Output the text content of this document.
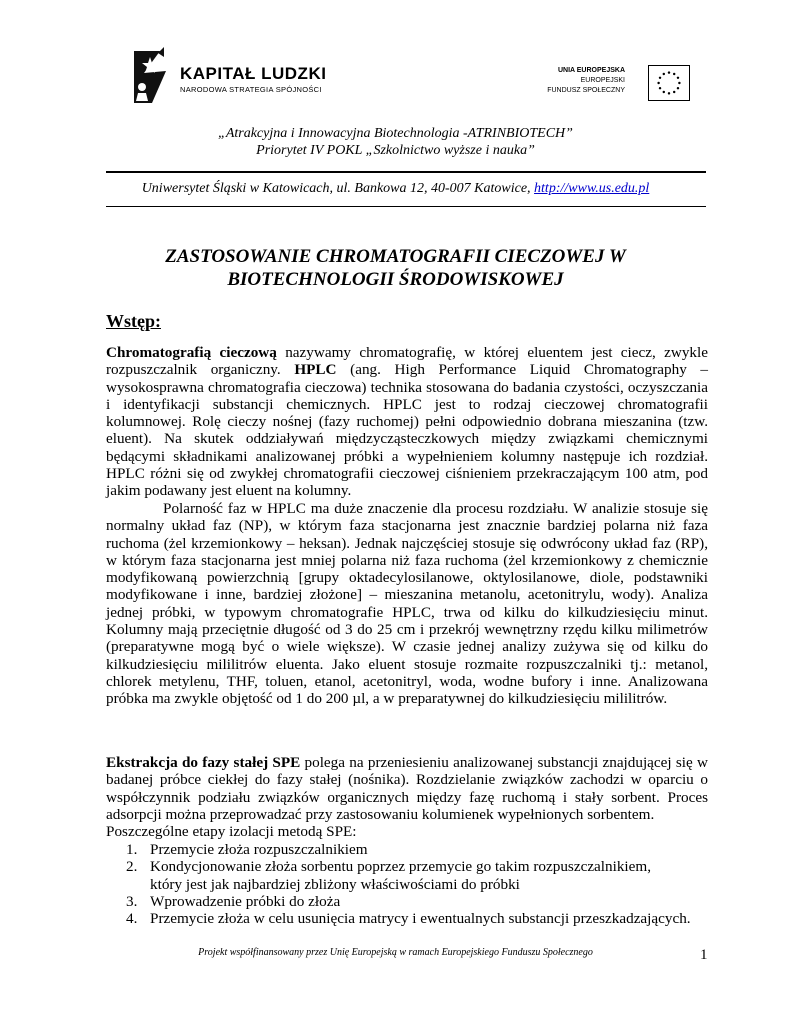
KAPITAŁ LUDZKI
NARODOWA STRATEGIA SPÓJNOŚCI
UNIA EUROPEJSKA
EUROPEJSKI
FUNDUSZ SPOŁECZNY
„Atrakcyjna i Innowacyjna Biotechnologia -ATRINBIOTECH”
Priorytet IV POKL „Szkolnictwo wyższe i nauka”
Uniwersytet Śląski w Katowicach, ul. Bankowa 12, 40-007 Katowice, http://www.us.edu.pl
ZASTOSOWANIE CHROMATOGRAFII CIECZOWEJ W
BIOTECHNOLOGII ŚRODOWISKOWEJ
Wstęp:
Chromatografią cieczową nazywamy chromatografię, w której eluentem jest ciecz, zwykle rozpuszczalnik organiczny. HPLC (ang. High Performance Liquid Chromatography – wysokosprawna chromatografia cieczowa) technika stosowana do badania czystości, oczyszczania i identyfikacji substancji chemicznych. HPLC jest to rodzaj cieczowej chromatografii kolumnowej. Rolę cieczy nośnej (fazy ruchomej) pełni odpowiednio dobrana mieszanina (tzw. eluent). Na skutek oddziaływań międzycząsteczkowych między związkami chemicznymi będącymi składnikami analizowanej próbki a wypełnieniem kolumny następuje ich rozdział. HPLC różni się od zwykłej chromatografii cieczowej ciśnieniem przekraczającym 100 atm, pod jakim podawany jest eluent na kolumny.
Polarność faz w HPLC ma duże znaczenie dla procesu rozdziału. W analizie stosuje się normalny układ faz (NP), w którym faza stacjonarna jest znacznie bardziej polarna niż faza ruchoma (żel krzemionkowy – heksan). Jednak najczęściej stosuje się odwrócony układ faz (RP), w którym faza stacjonarna jest mniej polarna niż faza ruchoma (żel krzemionkowy z chemicznie modyfikowaną powierzchnią [grupy oktadecylosilanowe, oktylosilanowe, diole, podstawniki modyfikowane i inne, bardziej złożone] – mieszanina metanolu, acetonitrylu, wody). Analiza jednej próbki, w typowym chromatografie HPLC, trwa od kilku do kilkudziesięciu minut. Kolumny mają przeciętnie długość od 3 do 25 cm i przekrój wewnętrzny rzędu kilku milimetrów (preparatywne mogą być o wiele większe). W czasie jednej analizy zużywa się od kilku do kilkudziesięciu mililitrów eluenta. Jako eluent stosuje rozmaite rozpuszczalniki tj.: metanol, chlorek metylenu, THF, toluen, etanol, acetonitryl, woda, wodne bufory i inne. Analizowana próbka ma zwykle objętość od 1 do 200 µl, a w preparatywnej do kilkudziesięciu mililitrów.
Ekstrakcja do fazy stałej SPE polega na przeniesieniu analizowanej substancji znajdującej się w badanej próbce ciekłej do fazy stałej (nośnika). Rozdzielanie związków zachodzi w oparciu o współczynnik podziału związków organicznych między fazę ruchomą i stały sorbent. Proces adsorpcji można przeprowadzać przy zastosowaniu kolumienek wypełnionych sorbentem.
Poszczególne etapy izolacji metodą SPE:
1. Przemycie złoża rozpuszczalnikiem
2. Kondycjonowanie złoża sorbentu poprzez przemycie go takim rozpuszczalnikiem, który jest jak najbardziej zbliżony właściwościami do próbki
3. Wprowadzenie próbki do złoża
4. Przemycie złoża w celu usunięcia matrycy i ewentualnych substancji przeszkadzających.
Projekt współfinansowany przez Unię Europejską w ramach Europejskiego Funduszu Społecznego	1
